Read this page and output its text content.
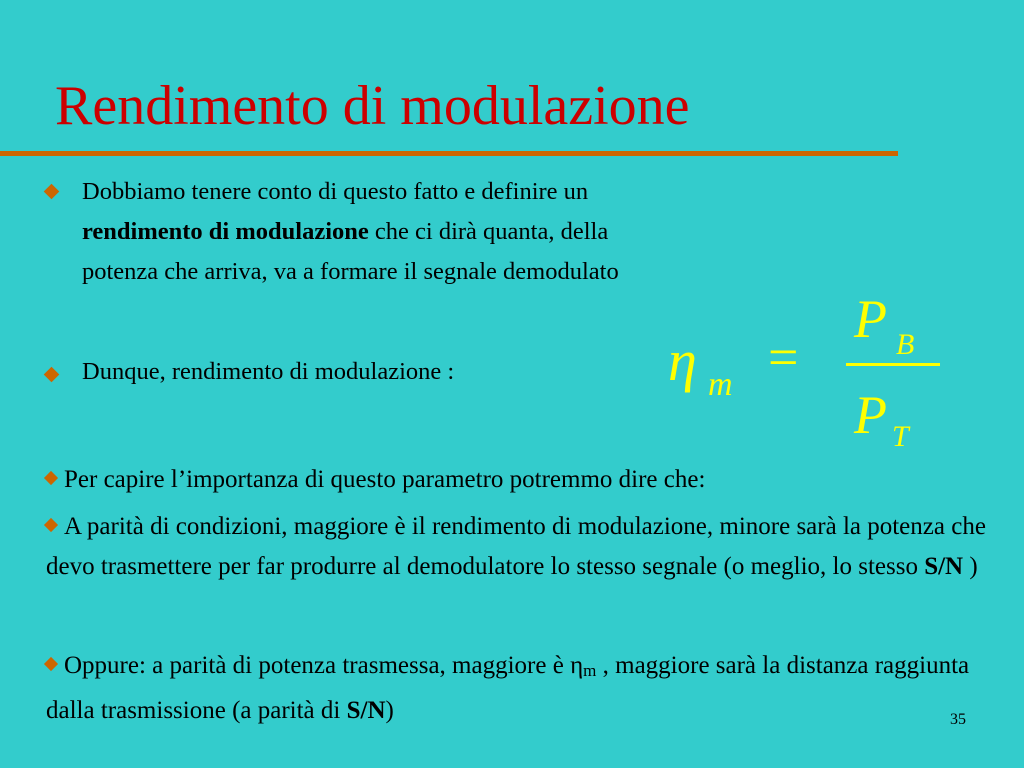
Rendimento di modulazione
Dobbiamo tenere conto di questo fatto e definire un
rendimento di modulazione che ci dirà quanta, della
potenza che arriva, va a formare il segnale demodulato
Dunque, rendimento di modulazione :	η m =
P B
P T
Per capire l’importanza di questo parametro potremmo dire che:
A parità di condizioni, maggiore è il rendimento di modulazione, minore sarà la potenza che devo trasmettere per far produrre al demodulatore lo stesso segnale (o meglio, lo stesso S/N )
Oppure: a parità di potenza trasmessa, maggiore è ηm , maggiore sarà la distanza raggiunta dalla trasmissione (a parità di S/N)	35
